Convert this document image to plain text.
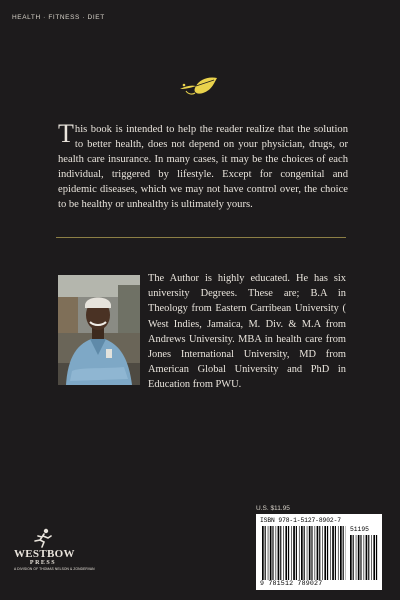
HEALTH · FITNESS · DIET
This book is intended to help the reader realize that the solution to better health, does not depend on your physician, drugs, or health care insurance. In many cases, it may be the choices of each individual, triggered by lifestyle. Except for congenital and epidemic diseases, which we may not have control over, the choice to be healthy or unhealthy is ultimately yours.
The Author is highly educated. He has six university Degrees. These are; B.A in Theology from Eastern Carribean University ( West Indies, Jamaica, M. Div. & M.A from Andrews University. MBA in health care from Jones International University, MD from American Global University and PhD in Education from PWU.
U.S. $11.95
ISBN 978-1-5127-8902-7
51195
9 781512 789027
WESTBOW
PRESS
A DIVISION OF THOMAS NELSON & ZONDERVAN
